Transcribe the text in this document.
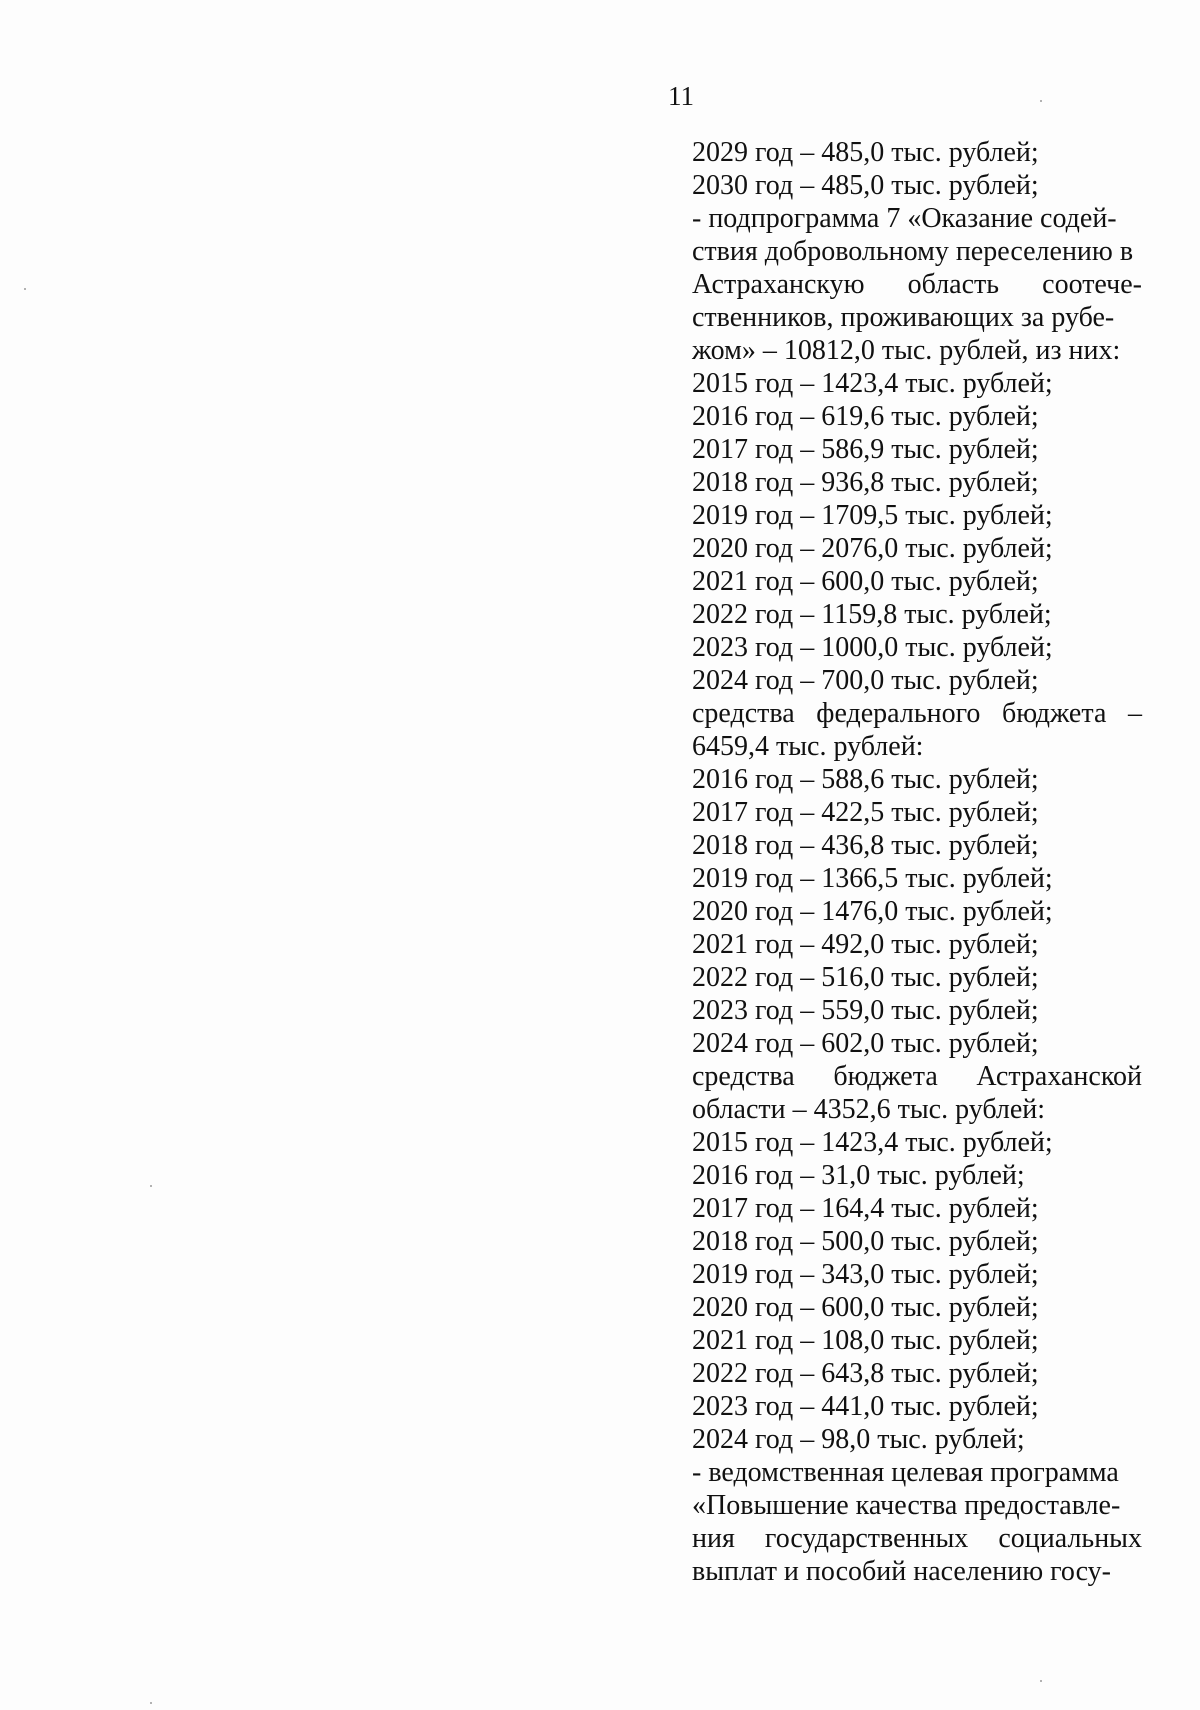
11
2029 год – 485,0 тыс. рублей;
2030 год – 485,0 тыс. рублей;
- подпрограмма 7 «Оказание содей-
ствия добровольному переселению в
Астраханскую область соотече-
ственников, проживающих за рубе-
жом» – 10812,0 тыс. рублей, из них:
2015 год – 1423,4 тыс. рублей;
2016 год – 619,6 тыс. рублей;
2017 год – 586,9 тыс. рублей;
2018 год – 936,8 тыс. рублей;
2019 год – 1709,5 тыс. рублей;
2020 год – 2076,0 тыс. рублей;
2021 год – 600,0 тыс. рублей;
2022 год – 1159,8 тыс. рублей;
2023 год – 1000,0 тыс. рублей;
2024 год – 700,0 тыс. рублей;
средства федерального бюджета –
6459,4 тыс. рублей:
2016 год – 588,6 тыс. рублей;
2017 год – 422,5 тыс. рублей;
2018 год – 436,8 тыс. рублей;
2019 год – 1366,5 тыс. рублей;
2020 год – 1476,0 тыс. рублей;
2021 год – 492,0 тыс. рублей;
2022 год – 516,0 тыс. рублей;
2023 год – 559,0 тыс. рублей;
2024 год – 602,0 тыс. рублей;
средства бюджета Астраханской
области – 4352,6 тыс. рублей:
2015 год – 1423,4 тыс. рублей;
2016 год – 31,0 тыс. рублей;
2017 год – 164,4 тыс. рублей;
2018 год – 500,0 тыс. рублей;
2019 год – 343,0 тыс. рублей;
2020 год – 600,0 тыс. рублей;
2021 год – 108,0 тыс. рублей;
2022 год – 643,8 тыс. рублей;
2023 год – 441,0 тыс. рублей;
2024 год – 98,0 тыс. рублей;
- ведомственная целевая программа
«Повышение качества предоставле-
ния государственных социальных
выплат и пособий населению госу-
